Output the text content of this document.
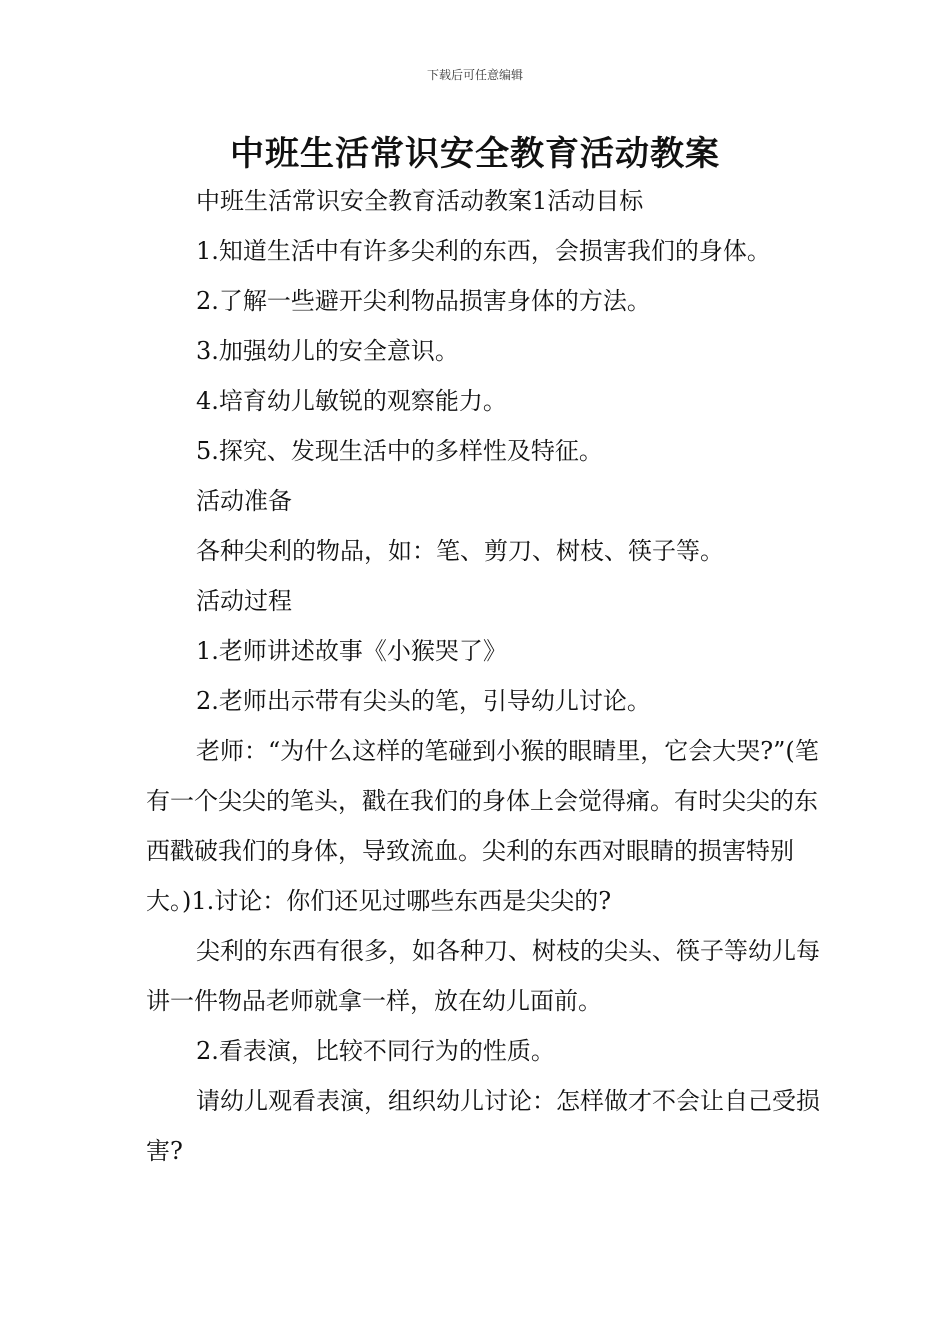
下载后可任意编辑
中班生活常识安全教育活动教案

中班生活常识安全教育活动教案1活动目标

1.知道生活中有许多尖利的东西，会损害我们的身体。

2.了解一些避开尖利物品损害身体的方法。

3.加强幼儿的安全意识。

4.培育幼儿敏锐的观察能力。

5.探究、发现生活中的多样性及特征。

活动准备

各种尖利的物品，如：笔、剪刀、树枝、筷子等。

活动过程

1.老师讲述故事《小猴哭了》

2.老师出示带有尖头的笔，引导幼儿讨论。

老师：“为什么这样的笔碰到小猴的眼睛里，它会大哭?”(笔有一个尖尖的笔头，戳在我们的身体上会觉得痛。有时尖尖的东西戳破我们的身体，导致流血。尖利的东西对眼睛的损害特别大。)1.讨论：你们还见过哪些东西是尖尖的?

尖利的东西有很多，如各种刀、树枝的尖头、筷子等幼儿每讲一件物品老师就拿一样，放在幼儿面前。

2.看表演，比较不同行为的性质。

请幼儿观看表演，组织幼儿讨论：怎样做才不会让自己受损害?
